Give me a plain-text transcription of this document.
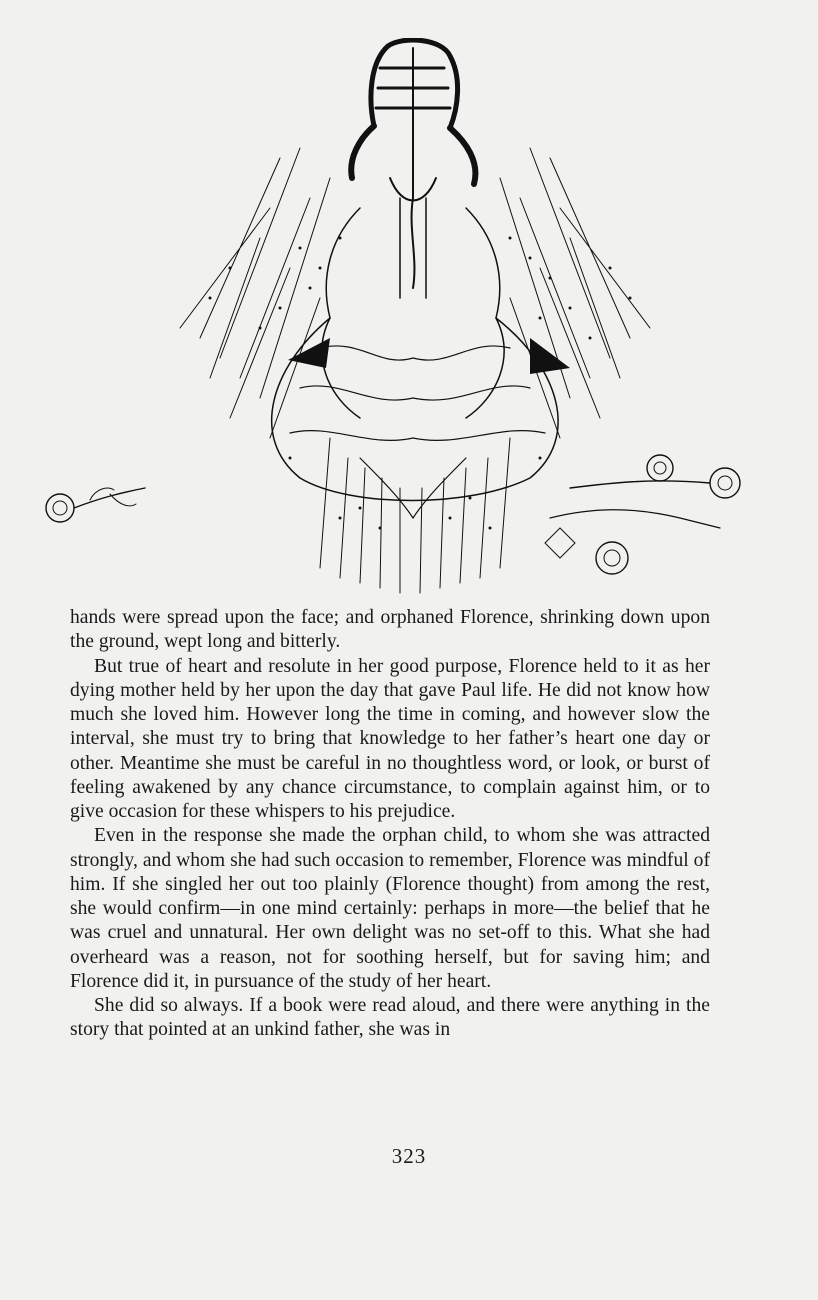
hands were spread upon the face; and orphaned Florence, shrinking down upon the ground, wept long and bitterly.

But true of heart and resolute in her good purpose, Florence held to it as her dying mother held by her upon the day that gave Paul life. He did not know how much she loved him. However long the time in coming, and however slow the interval, she must try to bring that knowledge to her father’s heart one day or other. Meantime she must be careful in no thoughtless word, or look, or burst of feeling awakened by any chance circumstance, to complain against him, or to give occasion for these whispers to his prejudice.

Even in the response she made the orphan child, to whom she was attracted strongly, and whom she had such occasion to remember, Florence was mindful of him. If she singled her out too plainly (Florence thought) from among the rest, she would confirm—in one mind certainly: perhaps in more—the belief that he was cruel and unnatural. Her own delight was no set-off to this. What she had overheard was a reason, not for soothing herself, but for saving him; and Florence did it, in pursuance of the study of her heart.

She did so always. If a book were read aloud, and there were anything in the story that pointed at an unkind father, she was in

323
